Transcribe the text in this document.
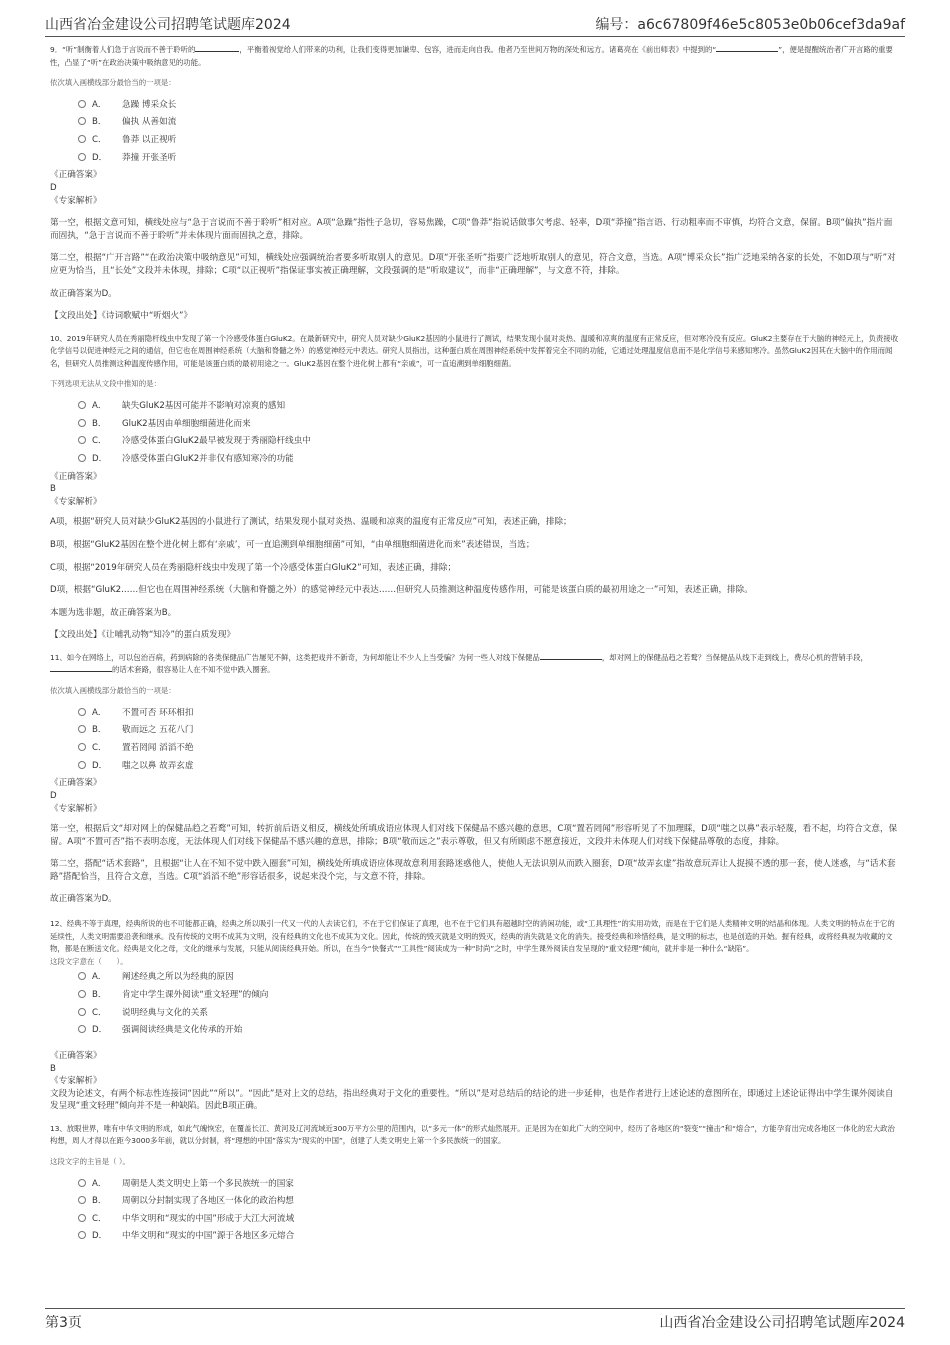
山西省冶金建设公司招聘笔试题库2024	编号：a6c67809f46e5c8053e0b06cef3da9af
9．“听”制衡着人们急于言说而不善于聆听的	，平衡着视觉给人们带来的功利，让我们变得更加谦卑、包容，进而走向自我。他者乃至世间万物的深处和远方。诸葛亮在《前出师表》中提到的“	”，便是提醒统治者广开言路的重要性，凸显了“听”在政治决策中吸纳意见的功能。
依次填入画横线部分最恰当的一项是：
A．	急躁 博采众长
B．	偏执 从善如流
C．	鲁莽 以正视听
D．	莽撞 开张圣听
《正确答案》
D
《专家解析》
第一空，根据文意可知，横线处应与“急于言说而不善于聆听”相对应。A项“急躁”指性子急切，容易焦躁，C项“鲁莽”指说话做事欠考虑、轻率，D项“莽撞”指言语、行动粗率而不审慎，均符合文意，保留。B项“偏执”指片面而固执，“急于言说而不善于聆听”并未体现片面而固执之意，排除。
第二空，根据“广开言路”“在政治决策中吸纳意见”可知，横线处应强调统治者要多听取别人的意见。D项“开张圣听”指要广泛地听取别人的意见，符合文意，当选。A项“博采众长”指广泛地采纳各家的长处，不如D项与“听”对应更为恰当，且“长处”文段并未体现，排除；C项“以正视听”指保证事实被正确理解，文段强调的是“听取建议”，而非“正确理解”，与文意不符，排除。
故正确答案为D。
【文段出处】《诗词歌赋中“听烟火”》
10、2019年研究人员在秀丽隐杆线虫中发现了第一个冷感受体蛋白GluK2。在最新研究中，研究人员对缺少GluK2基因的小鼠进行了测试，结果发现小鼠对炎热、温暖和凉爽的温度有正常反应，但对寒冷没有反应。GluK2主要存在于大脑的神经元上，负责接收化学信号以促进神经元之间的通信，但它也在周围神经系统（大脑和脊髓之外）的感觉神经元中表达。研究人员指出，这种蛋白质在周围神经系统中发挥着完全不同的功能，它通过处理温度信息而不是化学信号来感知寒冷。虽然GluK2因其在大脑中的作用而闻名，但研究人员推测这种温度传感作用，可能是该蛋白质的最初用途之一。GluK2基因在整个进化树上都有“亲戚”，可一直追溯到单细胞细菌。
下列选项无法从文段中推知的是：
A．	缺失GluK2基因可能并不影响对凉爽的感知
B．	GluK2基因由单细胞细菌进化而来
C．	冷感受体蛋白GluK2最早被发现于秀丽隐杆线虫中
D．	冷感受体蛋白GluK2并非仅有感知寒冷的功能
《正确答案》
B
《专家解析》
A项，根据“研究人员对缺少GluK2基因的小鼠进行了测试，结果发现小鼠对炎热、温暖和凉爽的温度有正常反应”可知，表述正确，排除；
B项，根据“GluK2基因在整个进化树上都有‘亲戚’，可一直追溯到单细胞细菌”可知，“由单细胞细菌进化而来”表述错误，当选；
C项，根据“2019年研究人员在秀丽隐杆线虫中发现了第一个冷感受体蛋白GluK2”可知，表述正确，排除；
D项，根据“GluK2……但它也在周围神经系统（大脑和脊髓之外）的感觉神经元中表达……但研究人员推测这种温度传感作用，可能是该蛋白质的最初用途之一”可知，表述正确，排除。
本题为选非题，故正确答案为B。
【文段出处】《让哺乳动物“知冷”的蛋白质发现》
11、如今在网络上，可以包治百病，药到病除的各类保健品广告屡见不鲜，这类把戏并不新奇，为何却能让不少人上当受骗？为何一些人对线下保健品	，却对网上的保健品趋之若鹜？当保健品从线下走到线上，费尽心机的营销手段，的话术套路，很容易让人在不知不觉中跌入圈套。
依次填入画横线部分最恰当的一项是：
A．	不置可否 环环相扣
B．	敬而远之 五花八门
C．	置若罔闻 滔滔不绝
D．	嗤之以鼻 故弄玄虚
《正确答案》
D
《专家解析》
第一空，根据后文“却对网上的保健品趋之若鹜”可知，转折前后语义相反，横线处所填成语应体现人们对线下保健品不感兴趣的意思，C项“置若罔闻”形容听见了不加理睬，D项“嗤之以鼻”表示轻蔑，看不起，均符合文意，保留。A项“不置可否”指不表明态度，无法体现人们对线下保健品不感兴趣的意思，排除；B项“敬而远之”表示尊敬，但又有所顾虑不愿意接近，文段并未体现人们对线下保健品尊敬的态度，排除。
第二空，搭配“话术套路”，且根据“让人在不知不觉中跌入圈套”可知，横线处所填成语应体现故意利用套路迷惑他人，使他人无法识别从而跌入圈套，D项“故弄玄虚”指故意玩弄让人捉摸不透的那一套，使人迷惑，与“话术套路”搭配恰当，且符合文意，当选。C项“滔滔不绝”形容话很多，说起来没个完，与文意不符，排除。
故正确答案为D。
12、经典不等于真理，经典所说的也不可能都正确，经典之所以吸引一代又一代的人去读它们，不在于它们保证了真理，也不在于它们具有超越时空的消闲功能，或“工具理性”的实用功效，而是在于它们是人类精神文明的结晶和体现。人类文明的特点在于它的延续性，人类文明需要沿袭和继承。没有传统的文明不成其为文明，没有经典的文化也不成其为文化。因此，传统的毁灭就是文明的毁灭，经典的消失就是文化的消失。接受经典和珍惜经典，是文明的标志，也是创造的开始。握有经典，或将经典视为收藏的文物，都是在断送文化。经典是文化之母，文化的继承与发展，只能从阅读经典开始。所以，在当今“快餐式”“工具性”阅读成为一种“时尚”之时，中学生课外阅读自发呈现的“重文轻理”倾向，就并非是一种什么“缺陷”。
这段文字意在（　　）。
A．	阐述经典之所以为经典的原因
B．	肯定中学生课外阅读“重文轻理”的倾向
C．	说明经典与文化的关系
D．	强调阅读经典是文化传承的开始
《正确答案》
B
《专家解析》
文段为论述文，有两个标志性连接词“因此”“所以”。“因此”是对上文的总结，指出经典对于文化的重要性。“所以”是对总结后的结论的进一步延伸，也是作者进行上述论述的意图所在，即通过上述论证得出中学生课外阅读自发呈现“重文轻理”倾向并不是一种缺陷。因此B项正确。
13、放眼世界，唯有中华文明的形成，如此气魄恢宏，在覆盖长江、黄河及辽河流域近300万平方公里的范围内，以“多元一体”的形式灿然展开。正是因为在如此广大的空间中，经历了各地区的“裂变”“撞击”和“熔合”，方能孕育出完成各地区一体化的宏大政治构想，周人才得以在距今3000多年前，就以分封制，将“理想的中国”落实为“现实的中国”，创建了人类文明史上第一个多民族统一的国家。
这段文字的主旨是（ ）。
A．	周朝是人类文明史上第一个多民族统一的国家
B．	周朝以分封制实现了各地区一体化的政治构想
C．	中华文明和“现实的中国”形成于大江大河流域
D．	中华文明和“现实的中国”源于各地区多元熔合
第3页	山西省冶金建设公司招聘笔试题库2024
